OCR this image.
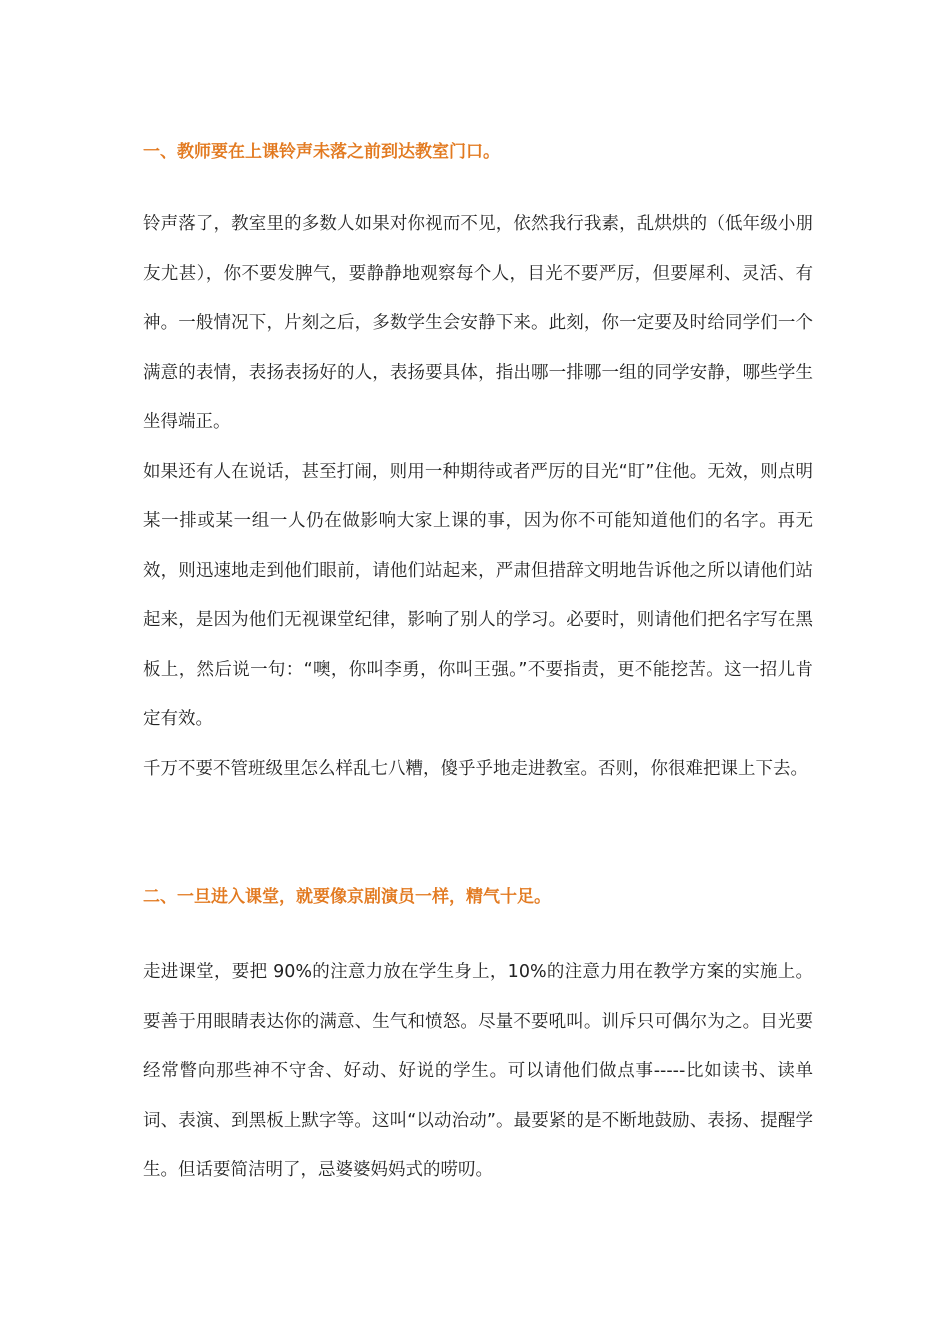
一、教师要在上课铃声未落之前到达教室门口。

铃声落了，教室里的多数人如果对你视而不见，依然我行我素，乱烘烘的（低年级小朋友尤甚），你不要发脾气，要静静地观察每个人，目光不要严厉，但要犀利、灵活、有神。一般情况下，片刻之后，多数学生会安静下来。此刻，你一定要及时给同学们一个满意的表情，表扬表扬好的人，表扬要具体，指出哪一排哪一组的同学安静，哪些学生坐得端正。

如果还有人在说话，甚至打闹，则用一种期待或者严厉的目光“盯”住他。无效，则点明某一排或某一组一人仍在做影响大家上课的事，因为你不可能知道他们的名字。再无效，则迅速地走到他们眼前，请他们站起来，严肃但措辞文明地告诉他之所以请他们站起来，是因为他们无视课堂纪律，影响了别人的学习。必要时，则请他们把名字写在黑板上，然后说一句：“噢，你叫李勇，你叫王强。”不要指责，更不能挖苦。这一招儿肯定有效。

千万不要不管班级里怎么样乱七八糟，傻乎乎地走进教室。否则，你很难把课上下去。

二、一旦进入课堂，就要像京剧演员一样，精气十足。

走进课堂，要把 90%的注意力放在学生身上，10%的注意力用在教学方案的实施上。要善于用眼睛表达你的满意、生气和愤怒。尽量不要吼叫。训斥只可偶尔为之。目光要经常瞥向那些神不守舍、好动、好说的学生。可以请他们做点事-----比如读书、读单词、表演、到黑板上默字等。这叫“以动治动”。最要紧的是不断地鼓励、表扬、提醒学生。但话要简洁明了，忌婆婆妈妈式的唠叨。
